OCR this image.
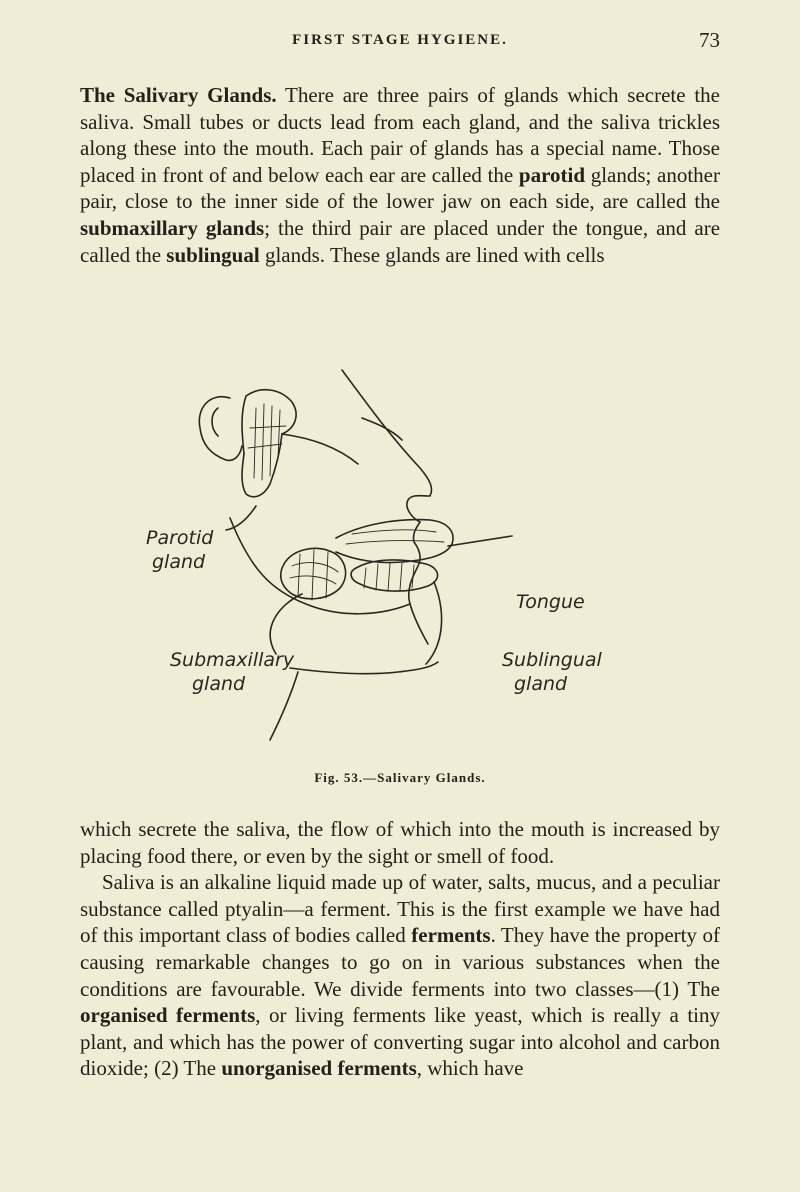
FIRST STAGE HYGIENE.	73

The Salivary Glands. There are three pairs of glands which secrete the saliva. Small tubes or ducts lead from each gland, and the saliva trickles along these into the mouth. Each pair of glands has a special name. Those placed in front of and below each ear are called the parotid glands; another pair, close to the inner side of the lower jaw on each side, are called the submaxillary glands; the third pair are placed under the tongue, and are called the sublingual glands. These glands are lined with cells

Parotid
gland
Submaxillary
gland
Tongue
Sublingual
gland
Fig. 53.—Salivary Glands.

which secrete the saliva, the flow of which into the mouth is increased by placing food there, or even by the sight or smell of food.

Saliva is an alkaline liquid made up of water, salts, mucus, and a peculiar substance called ptyalin—a ferment. This is the first example we have had of this important class of bodies called ferments. They have the property of causing remarkable changes to go on in various substances when the conditions are favourable. We divide ferments into two classes—(1) The organised ferments, or living ferments like yeast, which is really a tiny plant, and which has the power of converting sugar into alcohol and carbon dioxide; (2) The unorganised ferments, which have
